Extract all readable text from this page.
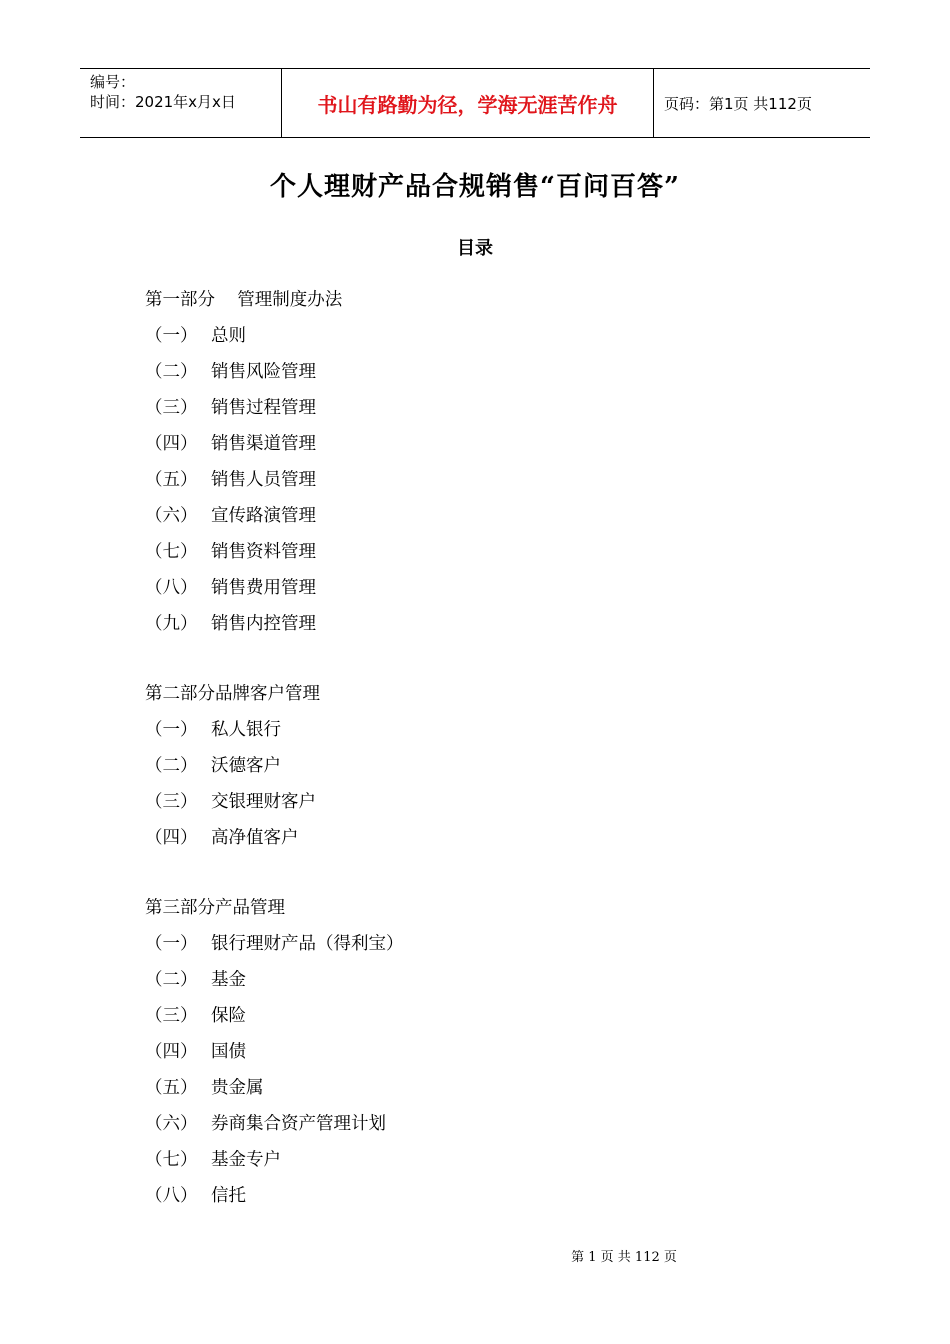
编号：
时间：2021年x月x日	书山有路勤为径，学海无涯苦作舟	页码：第1页 共112页
个人理财产品合规销售“百问百答”
目录
第一部分    管理制度办法
（一） 总则
（二） 销售风险管理
（三） 销售过程管理
（四） 销售渠道管理
（五） 销售人员管理
（六） 宣传路演管理
（七） 销售资料管理
（八） 销售费用管理
（九） 销售内控管理
第二部分品牌客户管理
（一） 私人银行
（二） 沃德客户
（三） 交银理财客户
（四） 高净值客户
第三部分产品管理
（一） 银行理财产品（得利宝）
（二） 基金
（三） 保险
（四） 国债
（五） 贵金属
（六） 券商集合资产管理计划
（七） 基金专户
（八） 信托
第 1 页 共 112 页
